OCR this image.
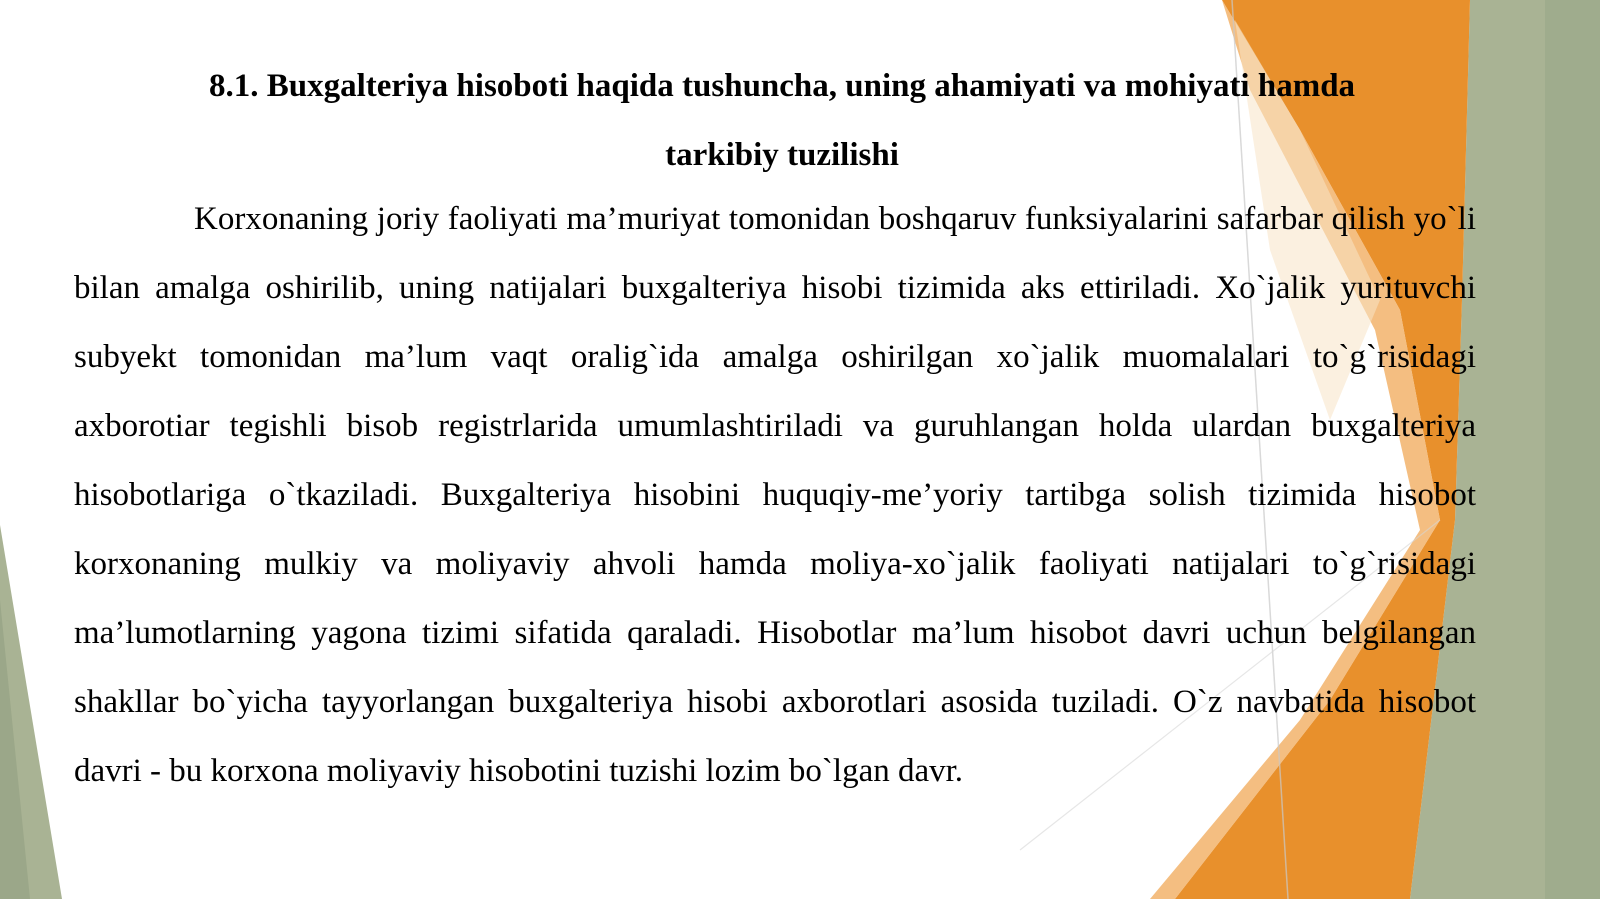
8.1. Buxgalteriya hisoboti haqida tushuncha, uning ahamiyati va mohiyati hamda
tarkibiy tuzilishi

Korxonaning joriy faoliyati ma’muriyat tomonidan boshqaruv funksiyalarini safarbar qilish yo`li bilan amalga oshirilib, uning natijalari buxgalteriya hisobi tizimida aks ettiriladi. Xo`jalik yurituvchi subyekt tomonidan ma’lum vaqt oralig`ida amalga oshirilgan xo`jalik muomalalari to`g`risidagi axborotiar tegishli bisob registrlarida umumlashtiriladi va guruhlangan holda ulardan buxgalteriya hisobotlariga o`tkaziladi. Buxgalteriya hisobini huquqiy-me’yoriy tartibga solish tizimida hisobot korxonaning mulkiy va moliyaviy ahvoli hamda moliya-xo`jalik faoliyati natijalari to`g`risidagi ma’lumotlarning yagona tizimi sifatida qaraladi. Hisobotlar ma’lum hisobot davri uchun belgilangan shakllar bo`yicha tayyorlangan buxgalteriya hisobi axborotlari asosida tuziladi. O`z navbatida hisobot davri - bu korxona moliyaviy hisobotini tuzishi lozim bo`lgan davr.
